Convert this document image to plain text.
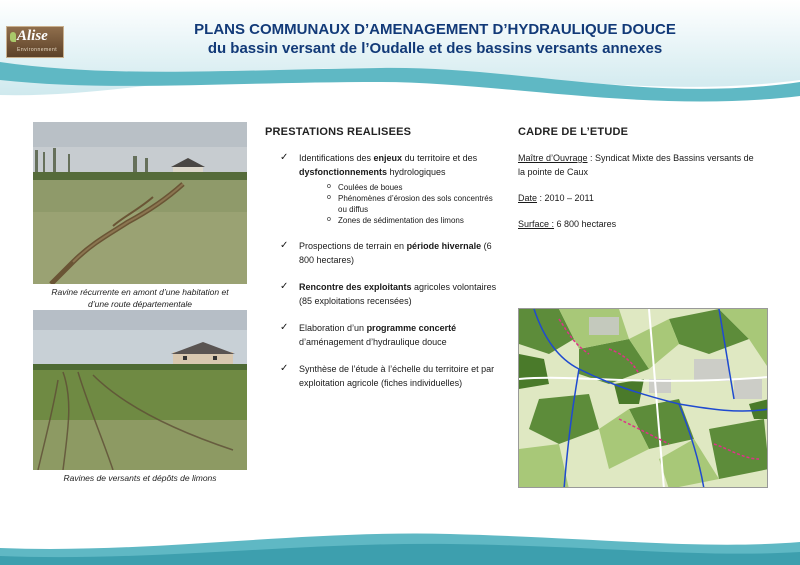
Alise
Environnement
PLANS COMMUNAUX D’AMENAGEMENT D’HYDRAULIQUE DOUCE
du bassin versant de l’Oudalle et des bassins versants annexes
Ravine récurrente en amont d’une habitation et
d’une route départementale
Ravines de versants et dépôts de limons
PRESTATIONS REALISEES
✓ Identifications des enjeux du territoire et des dysfonctionnements hydrologiques
o Coulées de boues
o Phénomènes d’érosion des sols concentrés ou diffus
o Zones de sédimentation des limons
✓ Prospections de terrain en période hivernale (6 800 hectares)
✓ Rencontre des exploitants agricoles volontaires (85 exploitations recensées)
✓ Elaboration d’un programme concerté d’aménagement d’hydraulique douce
✓ Synthèse de l’étude à l’échelle du territoire et par exploitation agricole (fiches individuelles)
CADRE DE L’ETUDE

Maître d’Ouvrage : Syndicat Mixte des Bassins versants de la pointe de Caux

Date : 2010 – 2011

Surface : 6 800 hectares
